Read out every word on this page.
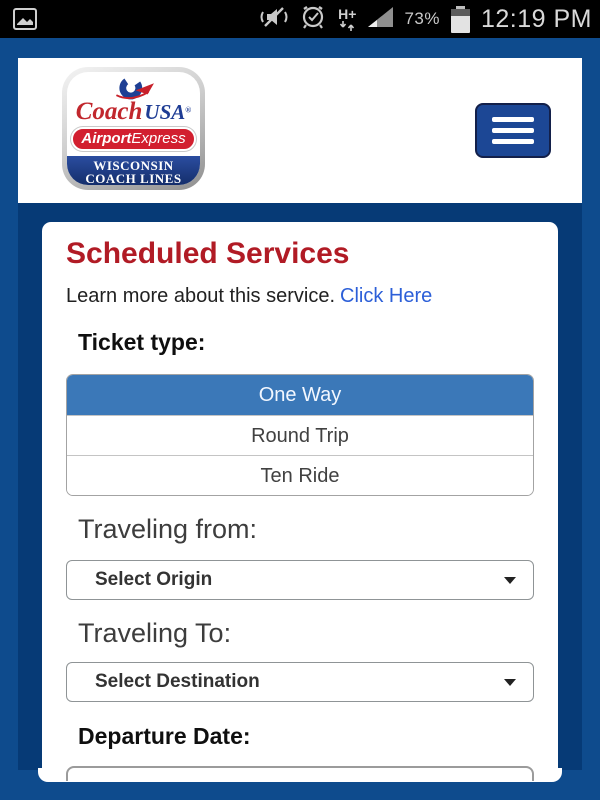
H+	73% 12:19 PM
CoachUSA®
AirportExpress
WISCONSIN
COACH LINES
Scheduled Services
Learn more about this service. Click Here
Ticket type:
One Way
Round Trip
Ten Ride
Traveling from:
Select Origin
Traveling To:
Select Destination
Departure Date:
Choose a departure date
